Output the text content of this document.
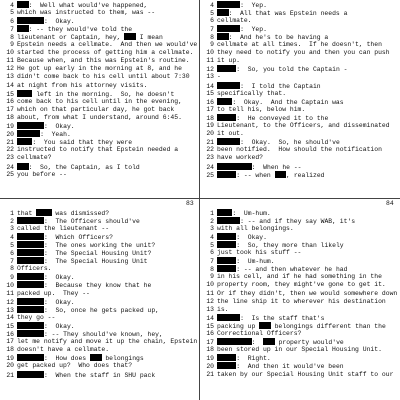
83	84
4 :  Well what would've happened,
5 which was instructed to them, was --
6	:  Okay.
7 : -- they would've told the
8 lieutenant or Captain, hey,  I mean
9 Epstein needs a cellmate.  And then we would've
10 started the process of getting him a cellmate.
11 Because when, and this was Epstein's routine.
12 He got up early in the morning at 8, and he
13 didn't come back to his cell until about 7:30
14 at night from his attorney visits.
15	left in the morning.  So, he doesn't
16 come back to his cell until in the evening,
17 which on that particular day, he got back
18 about, from what I understand, around 6:45.
19	:  Okay.
20	:  Yeah.
21	:  You said that they were
22 instructed to notify that Epstein needed a
23 cellmate?
24 :  So, the Captain, as I told
25 you before --
4	:  Yep.
5 :  All that was Epstein needs a
6 cellmate.
7	:  Yep.
8 :  And he's to be having a
9 cellmate at all times.  If he doesn't, then
10 they need to notify you and then you can push
11 it up.
12	:  So, you told the Captain -
13 -
14	:  I told the Captain
15 specifically that.
16	:  Okay.  And the Captain was
17 to tell his, below him.
18	:  He conveyed it to the
19 Lieutenant, to the Officers, and disseminated
20 it out.
21	:  Okay.  So, he should've
22 been notified.  How should the notification
23 have worked?
24	:  When he --
25	: -- when , realized
1 that  was dismissed?
2	:  The Officers should've
3 called the lieutenant --
4	:  Which Officers?
5	:  The ones working the unit?
6	:  The Special Housing Unit?
7	:  The Special Housing Unit
8 Officers.
9	:  Okay.
10	:  Because they know that he
11 packed up.  They --
12	:  Okay.
13	:  So, once he gets packed up,
14 they go --
15	:  Okay.
16	: -- They should've known, hey,
17 let me notify and move it up the chain, Epstein
18 doesn't have a cellmate.
19	:  How does  belongings
20 get packed up?  Who does that?
21	:  When the staff in SHU pack
1	:  Um-hum.
2	: -- and if they say WAB, it's
3 with all belongings.
4	:  Okay.
5	:  So, they more than likely
6 just took his stuff --
7	:  Um-hum.
8	: -- and then whatever he had
9 in his cell, and if he had something in the
10 property room, they might've gone to get it.
11 Or if they didn't, then we would somewhere down
12 the line ship it to wherever his destination
13 is.
14	:  Is the staff that's
15 packing up  belongings different than the
16 Correctional Officers?
17	:   property would've
18 been stored up in our Special Housing Unit.
19	:  Right.
20	:  And then it would've been
21 taken by our Special Housing Unit staff to our
